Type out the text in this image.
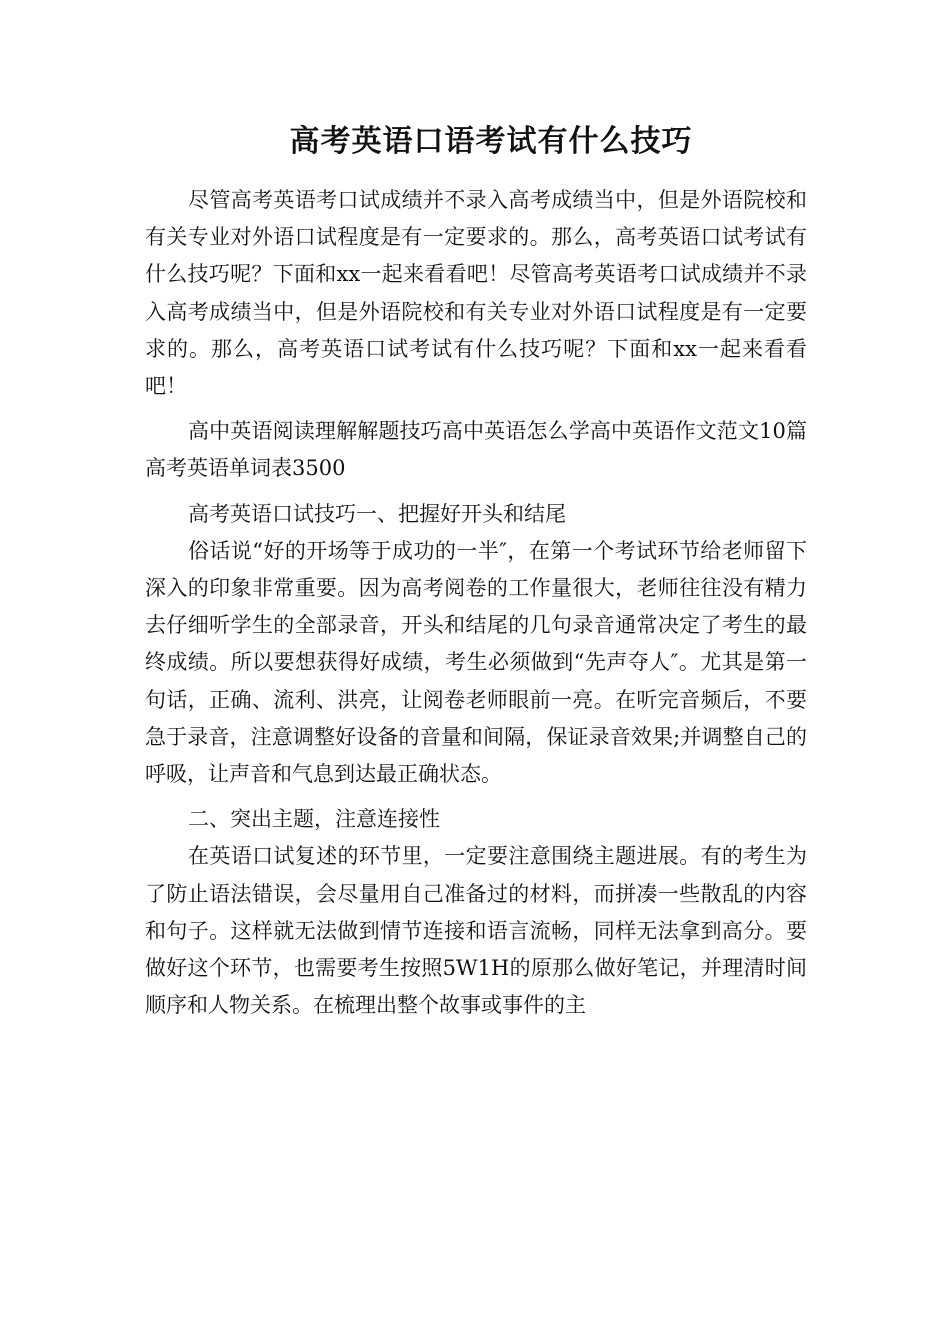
高考英语口语考试有什么技巧

尽管高考英语考口试成绩并不录入高考成绩当中，但是外语院校和有关专业对外语口试程度是有一定要求的。那么，高考英语口试考试有什么技巧呢？下面和xx一起来看看吧！尽管高考英语考口试成绩并不录入高考成绩当中，但是外语院校和有关专业对外语口试程度是有一定要求的。那么，高考英语口试考试有什么技巧呢？下面和xx一起来看看吧！

高中英语阅读理解解题技巧高中英语怎么学高中英语作文范文10篇高考英语单词表3500

高考英语口试技巧一、把握好开头和结尾

俗话说“好的开场等于成功的一半″，在第一个考试环节给老师留下深入的印象非常重要。因为高考阅卷的工作量很大，老师往往没有精力去仔细听学生的全部录音，开头和结尾的几句录音通常决定了考生的最终成绩。所以要想获得好成绩，考生必须做到“先声夺人″。尤其是第一句话，正确、流利、洪亮，让阅卷老师眼前一亮。在听完音频后，不要急于录音，注意调整好设备的音量和间隔，保证录音效果;并调整自己的呼吸，让声音和气息到达最正确状态。

二、突出主题，注意连接性

在英语口试复述的环节里，一定要注意围绕主题进展。有的考生为了防止语法错误，会尽量用自己准备过的材料，而拼凑一些散乱的内容和句子。这样就无法做到情节连接和语言流畅，同样无法拿到高分。要做好这个环节，也需要考生按照5W1H的原那么做好笔记，并理清时间顺序和人物关系。在梳理出整个故事或事件的主
